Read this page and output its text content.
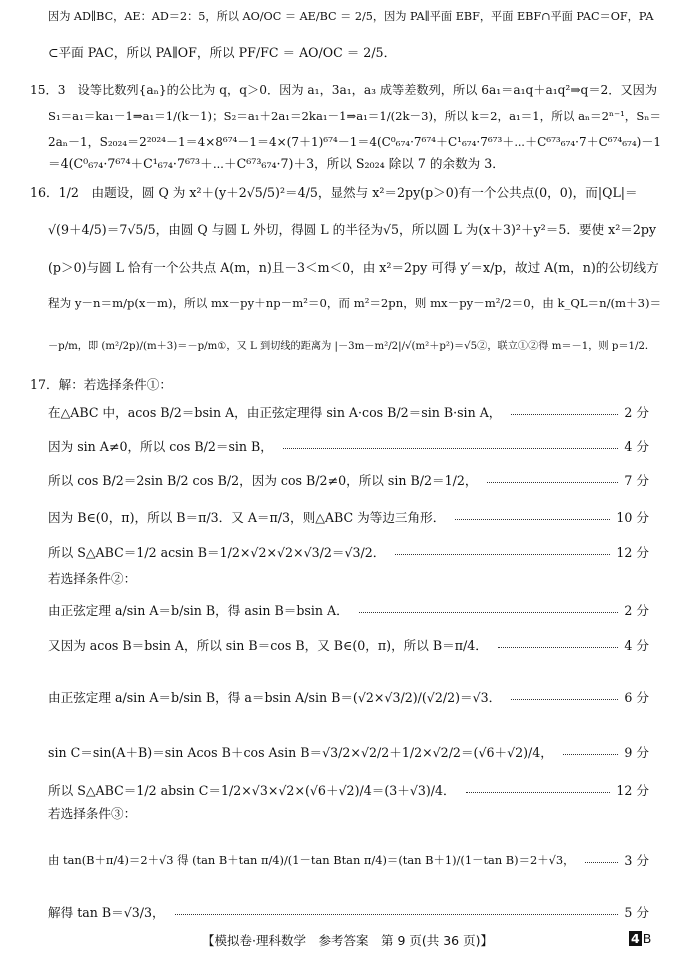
因为 AD∥BC，AE：AD＝2：5，所以 AO/OC ＝ AE/BC ＝ 2/5，因为 PA∥平面 EBF，平面 EBF∩平面 PAC＝OF，PA
⊂平面 PAC，所以 PA∥OF，所以 PF/FC ＝ AO/OC ＝ 2/5．
15．3　设等比数列{aₙ}的公比为 q，q＞0．因为 a₁，3a₁，a₃ 成等差数列，所以 6a₁＝a₁q＋a₁q²⇒q＝2．又因为
S₁＝a₁＝ka₁－1⇒a₁＝1/(k－1)；S₂＝a₁＋2a₁＝2ka₁－1⇒a₁＝1/(2k－3)，所以 k＝2，a₁＝1，所以 aₙ＝2ⁿ⁻¹，Sₙ＝
2aₙ－1，S₂₀₂₄＝2²⁰²⁴－1＝4×8⁶⁷⁴－1＝4×(7＋1)⁶⁷⁴－1＝4(C⁰₆₇₄·7⁶⁷⁴＋C¹₆₇₄·7⁶⁷³＋⋯＋C⁶⁷³₆₇₄·7＋C⁶⁷⁴₆₇₄)－1
＝4(C⁰₆₇₄·7⁶⁷⁴＋C¹₆₇₄·7⁶⁷³＋⋯＋C⁶⁷³₆₇₄·7)＋3，所以 S₂₀₂₄ 除以 7 的余数为 3．
16．1/2　由题设，圆 Q 为 x²＋(y＋2√5/5)²＝4/5，显然与 x²＝2py(p＞0)有一个公共点(0，0)，而|QL|＝
√(9＋4/5)＝7√5/5，由圆 Q 与圆 L 外切，得圆 L 的半径为√5，所以圆 L 为(x＋3)²＋y²＝5．要使 x²＝2py
(p＞0)与圆 L 恰有一个公共点 A(m，n)且－3＜m＜0，由 x²＝2py 可得 y′＝x/p，故过 A(m，n)的公切线方
程为 y－n＝m/p(x－m)，所以 mx－py＋np－m²＝0，而 m²＝2pn，则 mx－py－m²/2＝0，由 k_QL＝n/(m＋3)＝
－p/m，即 (m²/2p)/(m＋3)＝－p/m①，又 L 到切线的距离为 |－3m－m²/2|/√(m²＋p²)＝√5②，联立①②得 m＝－1，则 p＝1/2．
17．解：若选择条件①：
在△ABC 中，acos B/2＝bsin A，由正弦定理得 sin A·cos B/2＝sin B·sin A，	2 分
因为 sin A≠0，所以 cos B/2＝sin B，	4 分
所以 cos B/2＝2sin B/2 cos B/2，因为 cos B/2≠0，所以 sin B/2＝1/2，	7 分
因为 B∈(0，π)，所以 B＝π/3．又 A＝π/3，则△ABC 为等边三角形．	10 分
所以 S△ABC＝1/2 acsin B＝1/2×√2×√2×√3/2＝√3/2．	12 分
若选择条件②：
由正弦定理 a/sin A＝b/sin B，得 asin B＝bsin A．	2 分
又因为 acos B＝bsin A，所以 sin B＝cos B，又 B∈(0，π)，所以 B＝π/4．	4 分
由正弦定理 a/sin A＝b/sin B，得 a＝bsin A/sin B＝(√2×√3/2)/(√2/2)＝√3．	6 分
sin C＝sin(A＋B)＝sin Acos B＋cos Asin B＝√3/2×√2/2＋1/2×√2/2＝(√6＋√2)/4，	9 分
所以 S△ABC＝1/2 absin C＝1/2×√3×√2×(√6＋√2)/4＝(3＋√3)/4．	12 分
若选择条件③：
由 tan(B＋π/4)＝2＋√3 得 (tan B＋tan π/4)/(1－tan Btan π/4)＝(tan B＋1)/(1－tan B)＝2＋√3，	3 分
解得 tan B＝√3/3，	5 分
【模拟卷·理科数学　参考答案　第 9 页(共 36 页)】	4 B
